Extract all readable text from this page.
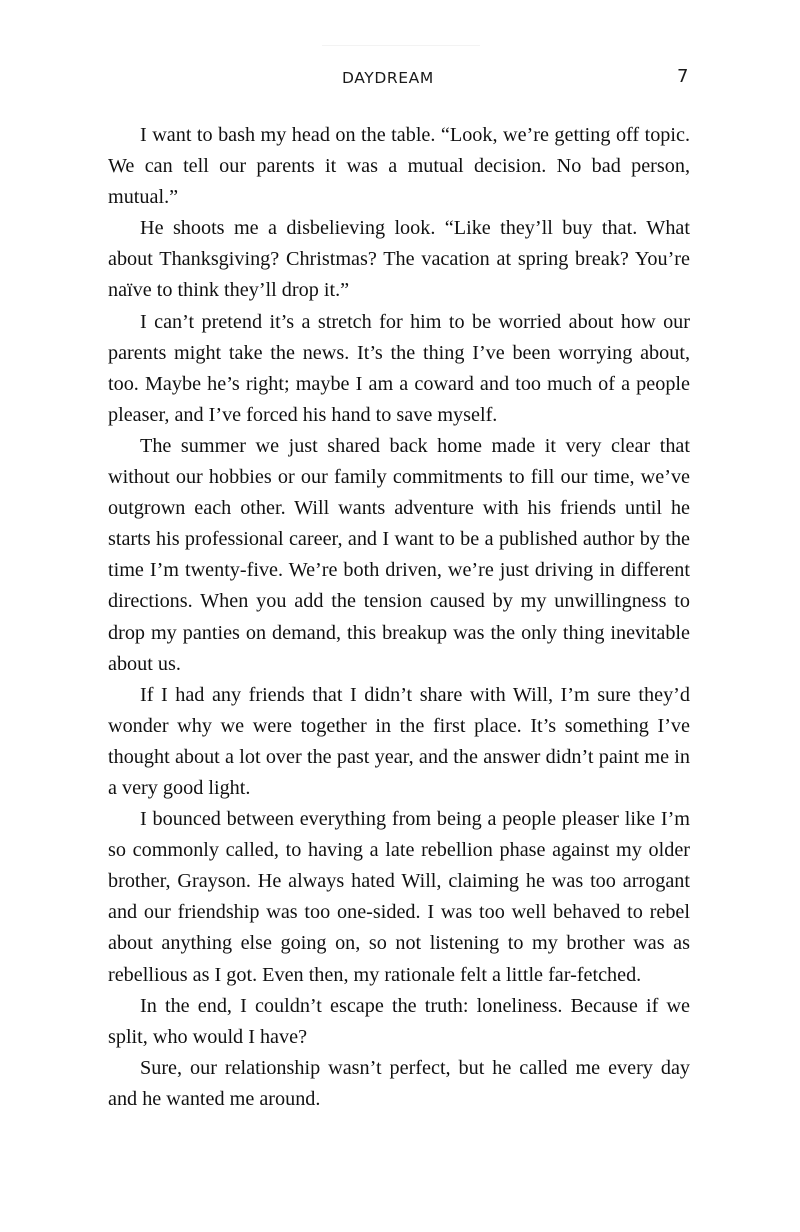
DAYDREAM	7

I want to bash my head on the table. “Look, we’re getting off topic. We can tell our parents it was a mutual decision. No bad person, mutual.”

He shoots me a disbelieving look. “Like they’ll buy that. What about Thanksgiving? Christmas? The vacation at spring break? You’re naïve to think they’ll drop it.”

I can’t pretend it’s a stretch for him to be worried about how our parents might take the news. It’s the thing I’ve been worrying about, too. Maybe he’s right; maybe I am a coward and too much of a people pleaser, and I’ve forced his hand to save myself.

The summer we just shared back home made it very clear that without our hobbies or our family commitments to fill our time, we’ve outgrown each other. Will wants adventure with his friends until he starts his professional career, and I want to be a published author by the time I’m twenty-five. We’re both driven, we’re just driving in different directions. When you add the tension caused by my unwillingness to drop my panties on demand, this breakup was the only thing inevitable about us.

If I had any friends that I didn’t share with Will, I’m sure they’d wonder why we were together in the first place. It’s something I’ve thought about a lot over the past year, and the answer didn’t paint me in a very good light.

I bounced between everything from being a people pleaser like I’m so commonly called, to having a late rebellion phase against my older brother, Grayson. He always hated Will, claiming he was too arrogant and our friendship was too one-sided. I was too well behaved to rebel about anything else going on, so not listening to my brother was as rebellious as I got. Even then, my rationale felt a little far-fetched.

In the end, I couldn’t escape the truth: loneliness. Because if we split, who would I have?

Sure, our relationship wasn’t perfect, but he called me every day and he wanted me around.
